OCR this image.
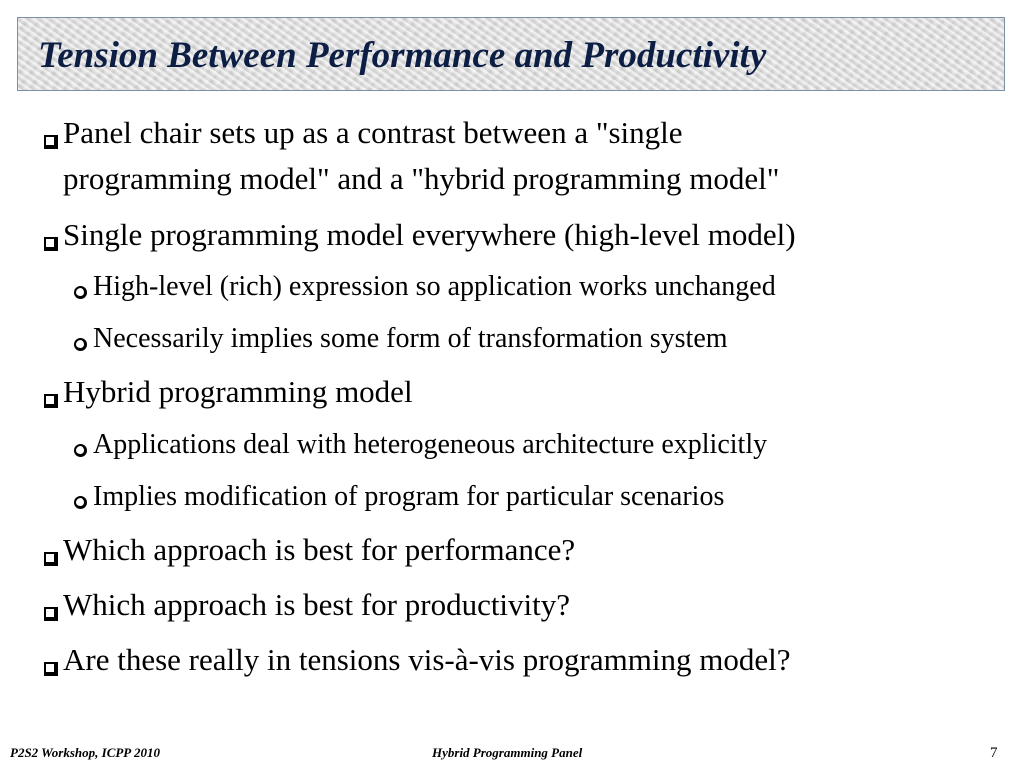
Tension Between Performance and Productivity
Panel chair sets up as a contrast between a "single
programming model" and a "hybrid programming model"
Single programming model everywhere (high-level model)
High-level (rich) expression so application works unchanged
Necessarily implies some form of transformation system
Hybrid programming model
Applications deal with heterogeneous architecture explicitly
Implies modification of program for particular scenarios
Which approach is best for performance?
Which approach is best for productivity?
Are these really in tensions vis-à-vis programming model?
P2S2 Workshop, ICPP 2010	Hybrid Programming Panel	7
